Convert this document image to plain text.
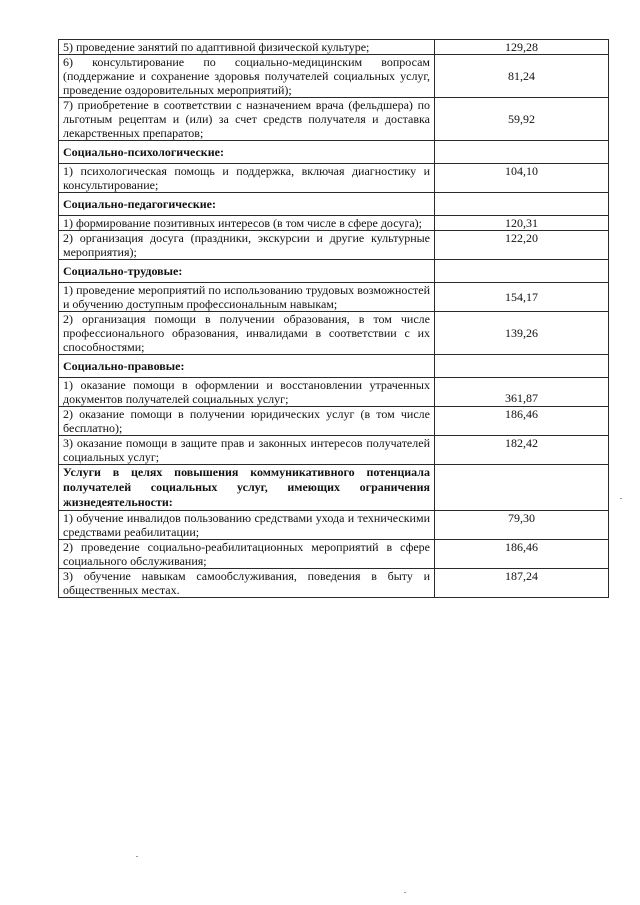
5) проведение занятий по адаптивной физической культуре;	129,28
6) консультирование по социально-медицинским вопросам (поддержание и сохранение здоровья получателей социальных услуг, проведение оздоровительных мероприятий);	81,24
7) приобретение в соответствии с назначением врача (фельдшера) по льготным рецептам и (или) за счет средств получателя и доставка лекарственных препаратов;	59,92
Социально-психологические:	
1) психологическая помощь и поддержка, включая диагностику и консультирование;	104,10
Социально-педагогические:	
1) формирование позитивных интересов (в том числе в сфере досуга);	120,31
2) организация досуга (праздники, экскурсии и другие культурные мероприятия);	122,20
Социально-трудовые:	
1) проведение мероприятий по использованию трудовых возможностей и обучению доступным профессиональным навыкам;	154,17
2) организация помощи в получении образования, в том числе профессионального образования, инвалидами в соответствии с их способностями;	139,26
Социально-правовые:	
1) оказание помощи в оформлении и восстановлении утраченных документов получателей социальных услуг;	361,87
2) оказание помощи в получении юридических услуг (в том числе бесплатно);	186,46
3) оказание помощи в защите прав и законных интересов получателей социальных услуг;	182,42
Услуги в целях повышения коммуникативного потенциала получателей социальных услуг, имеющих ограничения жизнедеятельности:	
1) обучение инвалидов пользованию средствами ухода и техническими средствами реабилитации;	79,30
2) проведение социально-реабилитационных мероприятий в сфере социального обслуживания;	186,46
3) обучение навыкам самообслуживания, поведения в быту и общественных местах.	187,24
